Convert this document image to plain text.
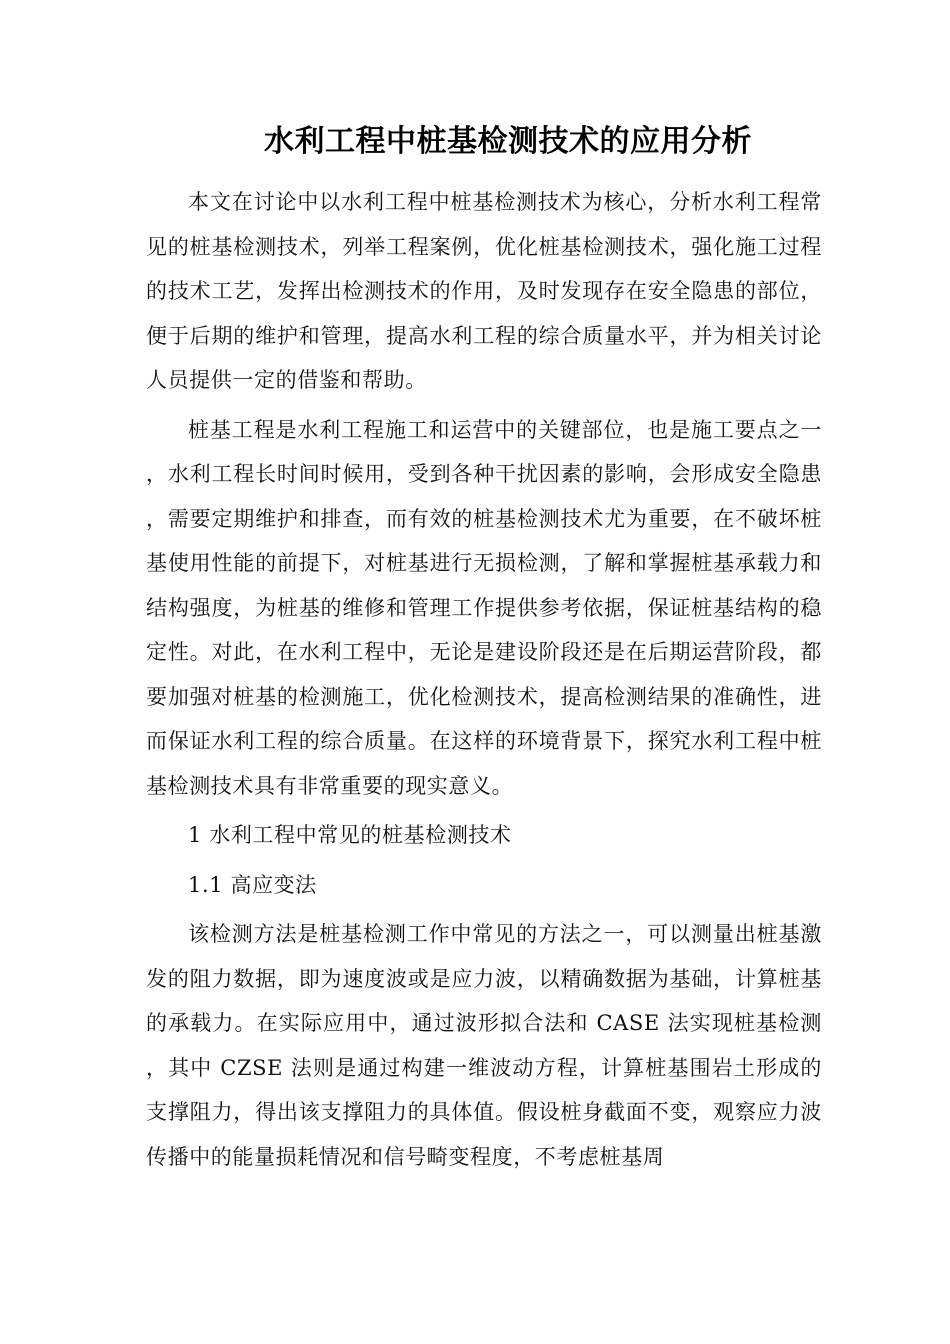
水利工程中桩基检测技术的应用分析

本文在讨论中以水利工程中桩基检测技术为核心，分析水利工程常见的桩基检测技术，列举工程案例，优化桩基检测技术，强化施工过程的技术工艺，发挥出检测技术的作用，及时发现存在安全隐患的部位，便于后期的维护和管理，提高水利工程的综合质量水平，并为相关讨论人员提供一定的借鉴和帮助。

桩基工程是水利工程施工和运营中的关键部位，也是施工要点之一，水利工程长时间时候用，受到各种干扰因素的影响，会形成安全隐患，需要定期维护和排查，而有效的桩基检测技术尤为重要，在不破坏桩基使用性能的前提下，对桩基进行无损检测，了解和掌握桩基承载力和结构强度，为桩基的维修和管理工作提供参考依据，保证桩基结构的稳定性。对此，在水利工程中，无论是建设阶段还是在后期运营阶段，都要加强对桩基的检测施工，优化检测技术，提高检测结果的准确性，进而保证水利工程的综合质量。在这样的环境背景下，探究水利工程中桩基检测技术具有非常重要的现实意义。

1 水利工程中常见的桩基检测技术

1.1 高应变法

该检测方法是桩基检测工作中常见的方法之一，可以测量出桩基激发的阻力数据，即为速度波或是应力波，以精确数据为基础，计算桩基的承载力。在实际应用中，通过波形拟合法和 CASE 法实现桩基检测，其中 CZSE 法则是通过构建一维波动方程，计算桩基围岩土形成的支撑阻力，得出该支撑阻力的具体值。假设桩身截面不变，观察应力波传播中的能量损耗情况和信号畸变程度，不考虑桩基周
